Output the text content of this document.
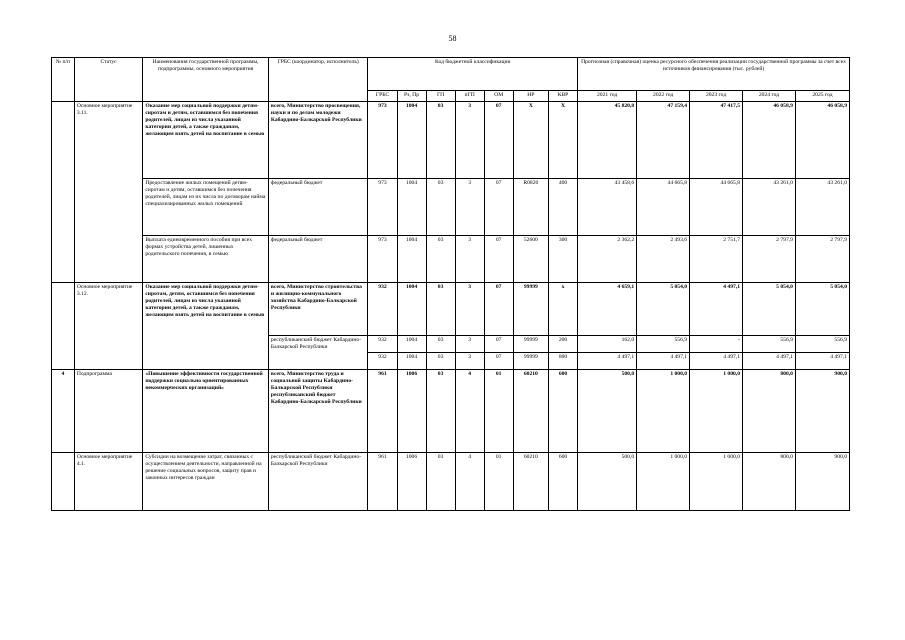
58
№ п/п	Статус	Наименования государственной программы, подпрограммы, основного мероприятия	ГРБС (координатор, исполнитель)	Код бюджетной классификации							Прогнозная (справочная) оценка ресурсного обеспечения реализации государственной программы за счет всех источников финансирования (тыс. рублей)				
				ГРБС	Рз, Пр	ГП	пГП	ОМ	НР	КВР	2021 год	2022 год	2023 год	2024 год	2025 год
	Основное мероприятие 3.11.	Оказание мер социальной поддержки детям-сиротам и детям, оставшимся без попечения родителей, лицам из числа указанной категории детей, а также гражданам, желающим взять детей на воспитание в семью	всего, Министерство просвещения, науки и по делам молодежи Кабардино-Балкарской Республики	973	1004	03	3	07	X	X	45 820,8	47 159,4	47 417,5	46 058,9	46 058,9
		Предоставление жилых помещений детям-сиротам и детям, оставшимся без попечения родителей, лицам из их числа по договорам найма специализированных жилых помещений	федеральный бюджет	973	1004	03	3	07	R0820	400	43 458,6	44 665,8	44 665,8	43 261,0	43 261,0
		Выплата единовременного пособия при всех формах устройства детей, лишенных родительского попечения, в семью	федеральный бюджет	973	1004	03	3	07	52600	300	2 362,2	2 493,6	2 751,7	2 797,9	2 797,9
	Основное мероприятие 3.12.	Оказание мер социальной поддержки детям-сиротам, детям, оставшимся без попечения родителей, лицам из числа указанной категории детей, а также гражданам, желающим взять детей на воспитание в семью	всего, Министерство строительства и жилищно-коммунального хозяйства Кабардино-Балкарской Республики	932	1004	03	3	07	99999	x	4 659,1	5 054,0	4 497,1	5 054,0	5 054,0
			республиканский бюджет Кабардино-Балкарской Республики	932	1004	03	3	07	99999	200	162,0	556,9	-	556,9	556,9
				932	1004	03	3	07	99999	800	4 497,1	4 497,1	4 497,1	4 497,1	4 497,1
4	Подпрограмма	«Повышение эффективности государственной поддержки социально ориентированных некоммерческих организаций»	всего, Министерство труда и социальной защиты Кабардино-Балкарской Республики республиканский бюджет Кабардино-Балкарской Республики	961	1006	03	4	01	60210	600	500,0	1 000,0	1 000,0	800,0	900,0
	Основное мероприятие 4.1.	Субсидии на возмещение затрат, связанных с осуществлением деятельности, направленной на решение социальных вопросов, защиту прав и законных интересов граждан	республиканский бюджет Кабардино-Балкарской Республики	961	1006	03	4	01	60210	600	500,0	1 000,0	1 000,0	800,0	900,0
